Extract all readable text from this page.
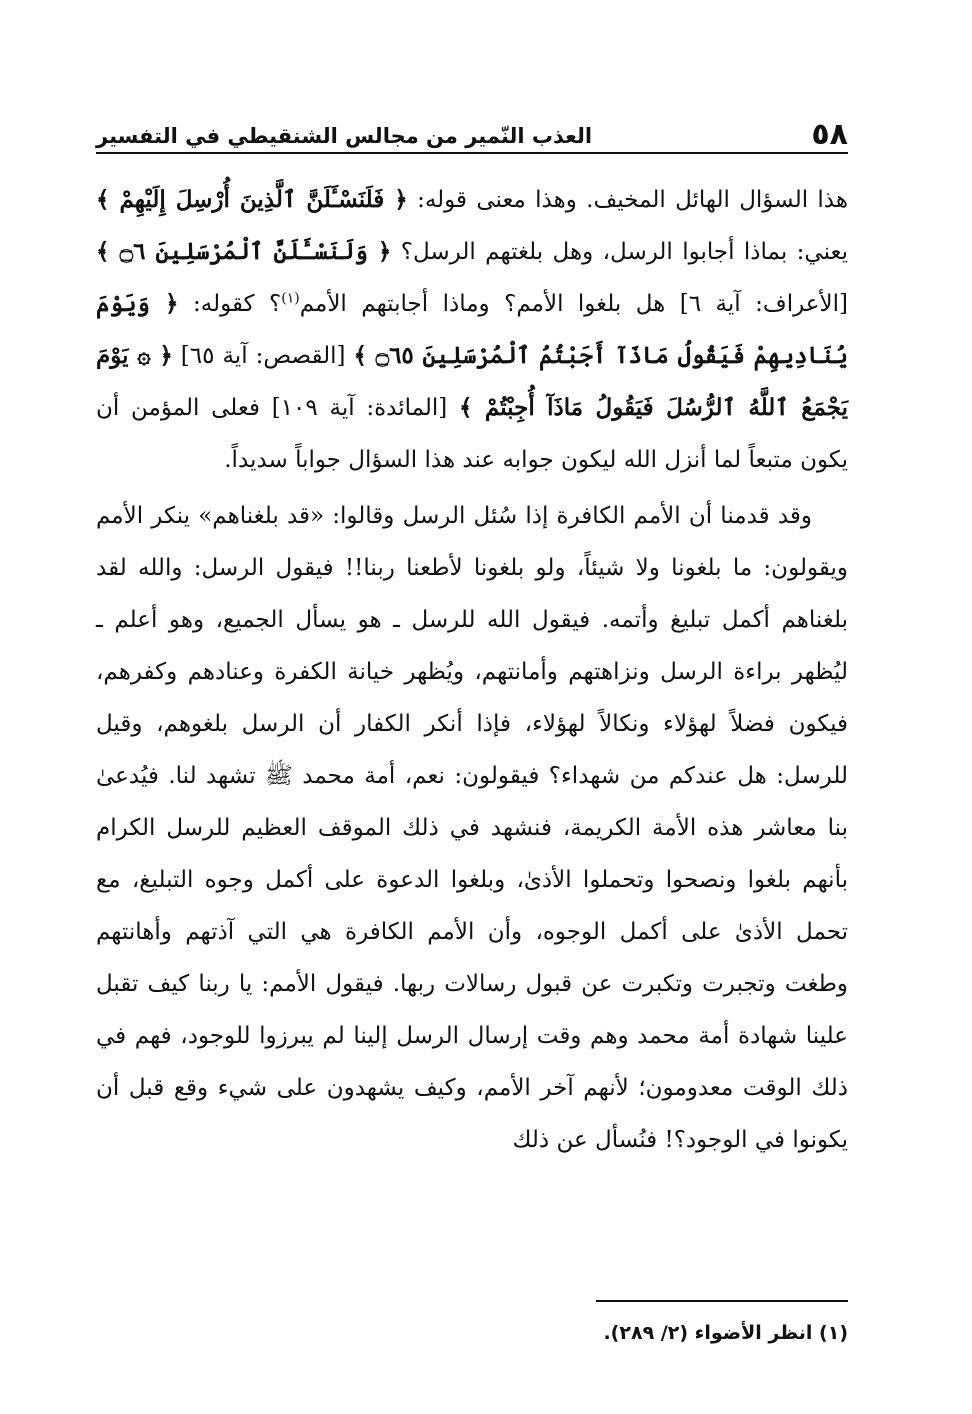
٥٨
العذب النّمير من مجالس الشنقيطي في التفسير

هذا السؤال الهائل المخيف. وهذا معنى قوله: ﴿ فَلَنَسْـَٔلَنَّ ٱلَّذِينَ أُرْسِلَ إِلَيْهِمْ ﴾ يعني: بماذا أجابوا الرسل، وهل بلغتهم الرسل؟ ﴿ وَلَنَسْـَٔلَنَّ ٱلْمُرْسَلِينَ ۝٦ ﴾ [الأعراف: آية ٦] هل بلغوا الأمم؟ وماذا أجابتهم الأمم$^{(١)}$؟ كقوله: ﴿ وَيَوْمَ يُنَادِيهِمْ فَيَقُولُ مَاذَآ أَجَبْتُمُ ٱلْمُرْسَلِينَ ۝٦٥ ﴾ [القصص: آية ٦٥] ﴿ ۞ يَوْمَ يَجْمَعُ ٱللَّهُ ٱلرُّسُلَ فَيَقُولُ مَاذَآ أُجِبْتُمْ ﴾ [المائدة: آية ١٠٩] فعلى المؤمن أن يكون متبعاً لما أنزل الله ليكون جوابه عند هذا السؤال جواباً سديداً.

وقد قدمنا أن الأمم الكافرة إذا سُئل الرسل وقالوا: «قد بلغناهم» ينكر الأمم ويقولون: ما بلغونا ولا شيئاً، ولو بلغونا لأطعنا ربنا!! فيقول الرسل: والله لقد بلغناهم أكمل تبليغ وأتمه. فيقول الله للرسل ـ هو يسأل الجميع، وهو أعلم ـ ليُظهر براءة الرسل ونزاهتهم وأمانتهم، ويُظهر خيانة الكفرة وعنادهم وكفرهم، فيكون فضلاً لهؤلاء ونكالاً لهؤلاء، فإذا أنكر الكفار أن الرسل بلغوهم، وقيل للرسل: هل عندكم من شهداء؟ فيقولون: نعم، أمة محمد ﷺ تشهد لنا. فيُدعىٰ بنا معاشر هذه الأمة الكريمة، فنشهد في ذلك الموقف العظيم للرسل الكرام بأنهم بلغوا ونصحوا وتحملوا الأذىٰ، وبلغوا الدعوة على أكمل وجوه التبليغ، مع تحمل الأذىٰ على أكمل الوجوه، وأن الأمم الكافرة هي التي آذتهم وأهانتهم وطغت وتجبرت وتكبرت عن قبول رسالات ربها. فيقول الأمم: يا ربنا كيف تقبل علينا شهادة أمة محمد وهم وقت إرسال الرسل إلينا لم يبرزوا للوجود، فهم في ذلك الوقت معدومون؛ لأنهم آخر الأمم، وكيف يشهدون على شيء وقع قبل أن يكونوا في الوجود؟! فنُسأل عن ذلك

(١) انظر الأضواء (٢/ ٢٨٩).
